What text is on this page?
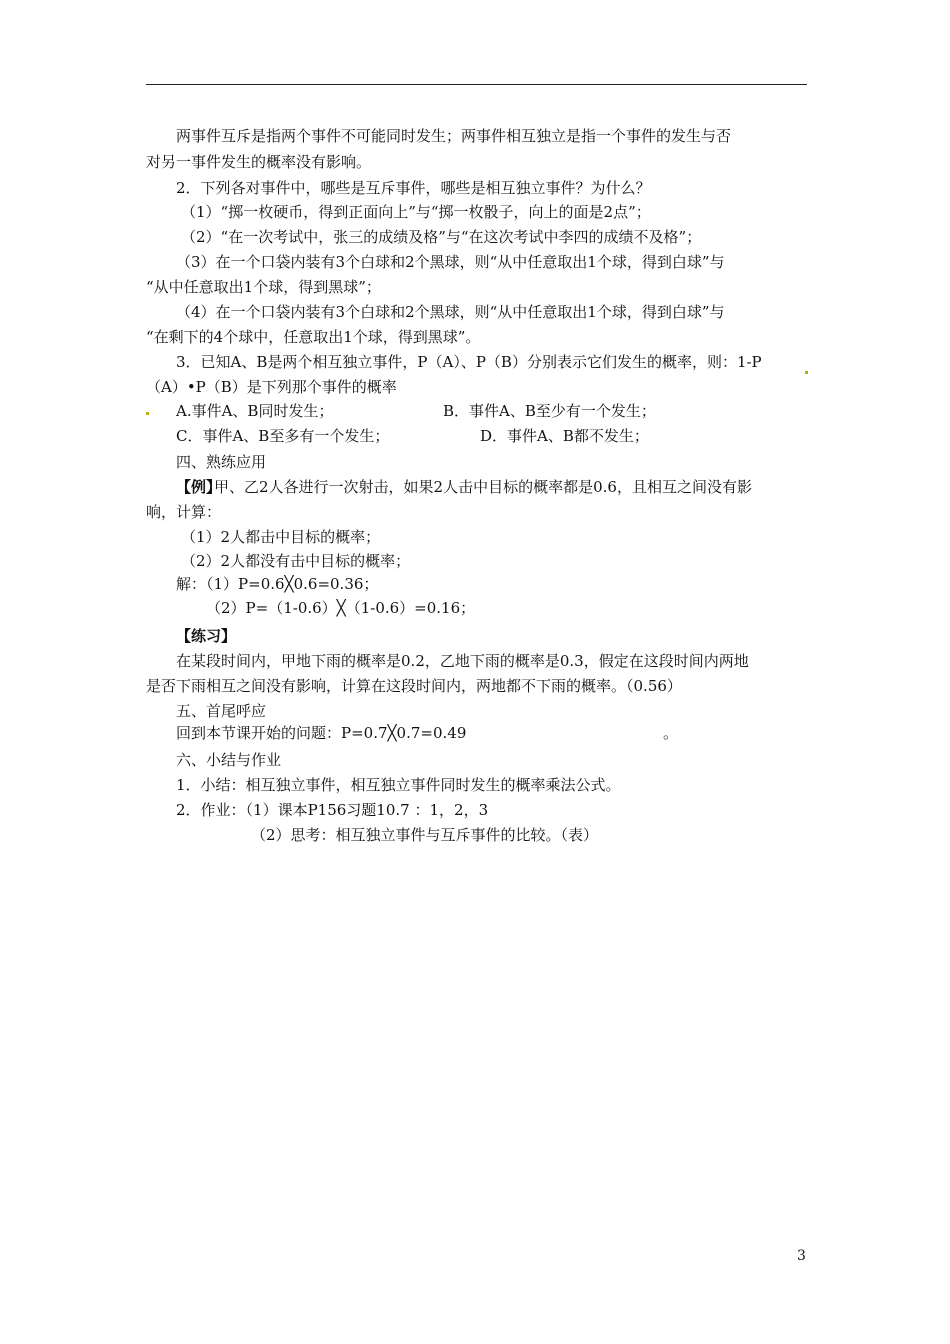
两事件互斥是指两个事件不可能同时发生；两事件相互独立是指一个事件的发生与否
对另一事件发生的概率没有影响。
2．下列各对事件中，哪些是互斥事件，哪些是相互独立事件？为什么？
（1）“掷一枚硬币，得到正面向上”与“掷一枚骰子，向上的面是2点”；
（2）“在一次考试中，张三的成绩及格”与“在这次考试中李四的成绩不及格”；
（3）在一个口袋内装有3个白球和2个黑球，则“从中任意取出1个球，得到白球”与
“从中任意取出1个球，得到黑球”；
（4）在一个口袋内装有3个白球和2个黑球，则“从中任意取出1个球，得到白球”与
“在剩下的4个球中，任意取出1个球，得到黑球”。
3．已知A、B是两个相互独立事件，P（A）、P（B）分别表示它们发生的概率，则：1-P
（A）•P（B）是下列那个事件的概率
A.事件A、B同时发生；	B．事件A、B至少有一个发生；
C．事件A、B至多有一个发生；	D．事件A、B都不发生；
四、熟练应用
【例】
甲、乙2人各进行一次射击，如果2人击中目标的概率都是0.6，且相互之间没有影
响，计算：
（1）2人都击中目标的概率；
（2）2人都没有击中目标的概率；
解：（1）P=0.6╳0.6=0.36；
（2）P=（1-0.6）╳（1-0.6）=0.16；
【练习】
在某段时间内，甲地下雨的概率是0.2，乙地下雨的概率是0.3，假定在这段时间内两地
是否下雨相互之间没有影响，计算在这段时间内，两地都不下雨的概率。（0.56）
五、首尾呼应
回到本节课开始的问题：P=0.7╳0.7=0.49	。
六、小结与作业
1．小结：相互独立事件，相互独立事件同时发生的概率乘法公式。
2．作业：（1）课本P156习题10.7 ：1，2，3
（2）思考：相互独立事件与互斥事件的比较。（表）
3
